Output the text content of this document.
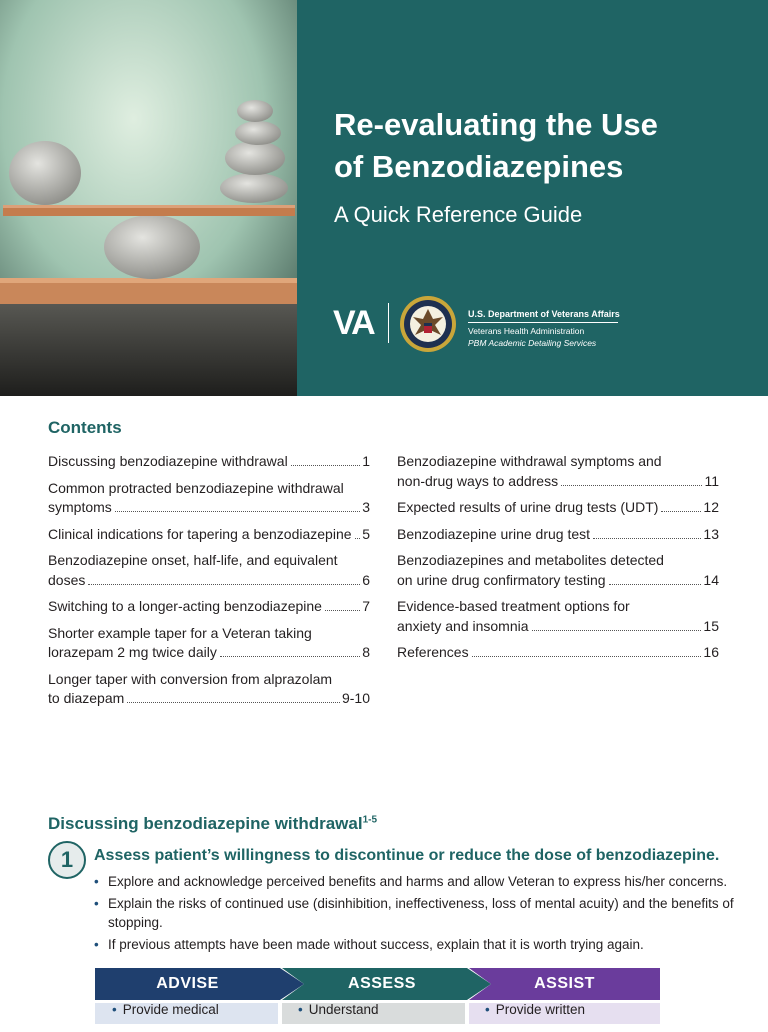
Re-evaluating the Use
of Benzodiazepines
A Quick Reference Guide
VA	U.S. Department of Veterans Affairs
Veterans Health Administration
PBM Academic Detailing Services
Contents
Discussing benzodiazepine withdrawal	1
Common protracted benzodiazepine withdrawal
symptoms	3
Clinical indications for tapering a benzodiazepine 5
Benzodiazepine onset, half-life, and equivalent
doses	6
Switching to a longer-acting benzodiazepine	7
Shorter example taper for a Veteran taking
lorazepam 2 mg twice daily	8
Longer taper with conversion from alprazolam
to diazepam	9-10
Benzodiazepine withdrawal symptoms and
non-drug ways to address	11
Expected results of urine drug tests (UDT)	12
Benzodiazepine urine drug test	13
Benzodiazepines and metabolites detected
on urine drug confirmatory testing	14
Evidence-based treatment options for
anxiety and insomnia	15
References	16
Discussing benzodiazepine withdrawal$^{1-5}$
1	Assess patient’s willingness to discontinue or reduce the dose of benzodiazepine.
• Explore and acknowledge perceived benefits and harms and allow Veteran to express his/her concerns.
• Explain the risks of continued use (disinhibition, ineffectiveness, loss of mental acuity) and the benefits of stopping.
• If previous attempts have been made without success, explain that it is worth trying again.
ADVISE	ASSESS	ASSIST
• Provide medical	• Understand	• Provide written
